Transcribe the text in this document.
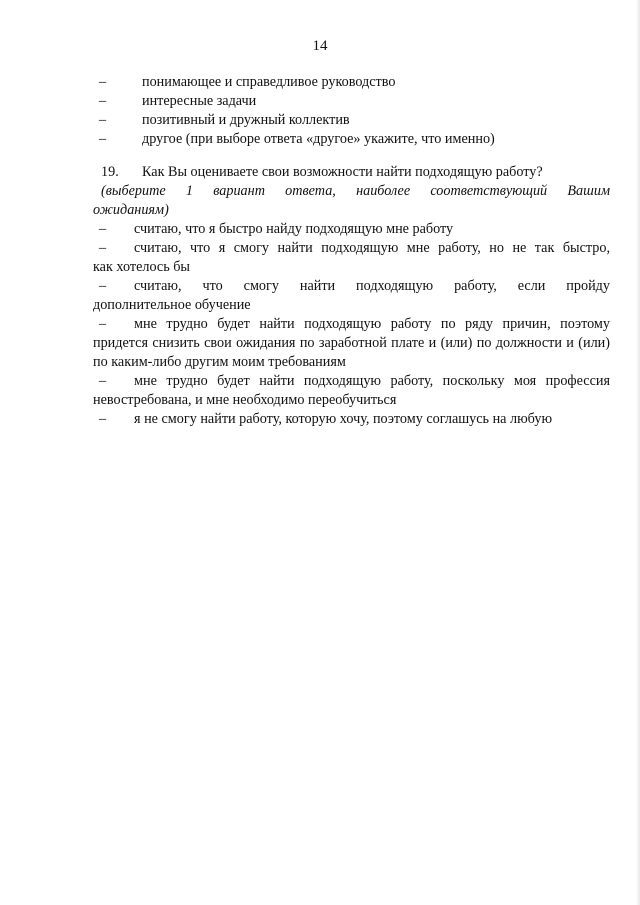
14
–	понимающее и справедливое руководство
–	интересные задачи
–	позитивный и дружный коллектив
–	другое (при выборе ответа «другое» укажите, что именно)
19. Как Вы оцениваете свои возможности найти подходящую работу?
(выберите 1 вариант ответа, наиболее соответствующий Вашим
ожиданиям)
– считаю, что я быстро найду подходящую мне работу
– считаю, что я смогу найти подходящую мне работу, но не так быстро,
как хотелось бы
– считаю, что смогу найти подходящую работу, если пройду
дополнительное обучение
– мне трудно будет найти подходящую работу по ряду причин, поэтому
придется снизить свои ожидания по заработной плате и (или) по должности и (или)
по каким-либо другим моим требованиям
– мне трудно будет найти подходящую работу, поскольку моя профессия
невостребована, и мне необходимо переобучиться
– я не смогу найти работу, которую хочу, поэтому соглашусь на любую
